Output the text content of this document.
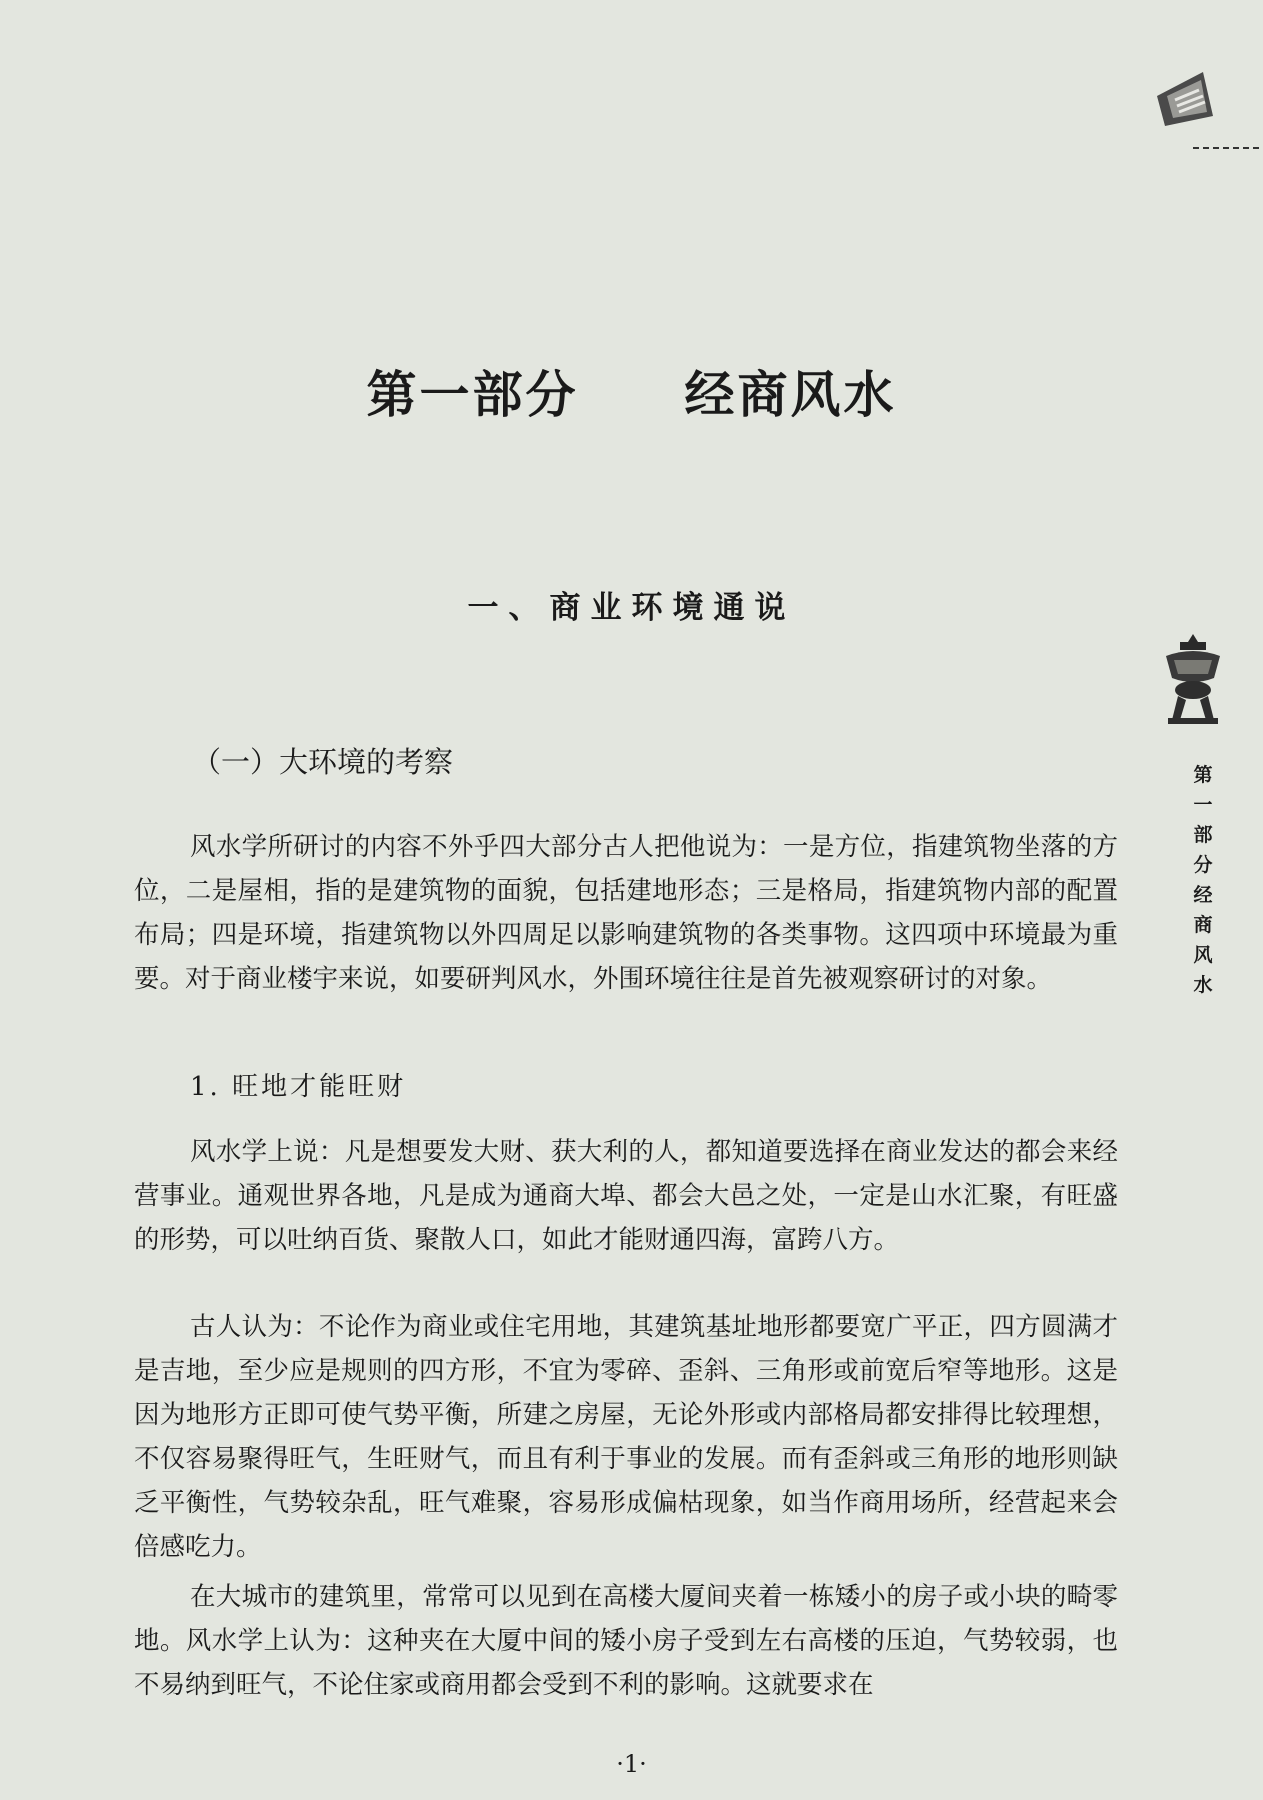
第一部分　　经商风水
一、商业环境通说
（一）大环境的考察

风水学所研讨的内容不外乎四大部分古人把他说为：一是方位，指建筑物坐落的方位，二是屋相，指的是建筑物的面貌，包括建地形态；三是格局，指建筑物内部的配置布局；四是环境，指建筑物以外四周足以影响建筑物的各类事物。这四项中环境最为重要。对于商业楼宇来说，如要研判风水，外围环境往往是首先被观察研讨的对象。

1. 旺地才能旺财

风水学上说：凡是想要发大财、获大利的人，都知道要选择在商业发达的都会来经营事业。通观世界各地，凡是成为通商大埠、都会大邑之处，一定是山水汇聚，有旺盛的形势，可以吐纳百货、聚散人口，如此才能财通四海，富跨八方。

古人认为：不论作为商业或住宅用地，其建筑基址地形都要宽广平正，四方圆满才是吉地，至少应是规则的四方形，不宜为零碎、歪斜、三角形或前宽后窄等地形。这是因为地形方正即可使气势平衡，所建之房屋，无论外形或内部格局都安排得比较理想，不仅容易聚得旺气，生旺财气，而且有利于事业的发展。而有歪斜或三角形的地形则缺乏平衡性，气势较杂乱，旺气难聚，容易形成偏枯现象，如当作商用场所，经营起来会倍感吃力。

在大城市的建筑里，常常可以见到在高楼大厦间夹着一栋矮小的房子或小块的畸零地。风水学上认为：这种夹在大厦中间的矮小房子受到左右高楼的压迫，气势较弱，也不易纳到旺气，不论住家或商用都会受到不利的影响。这就要求在

第一部分　经商风水
·1·
